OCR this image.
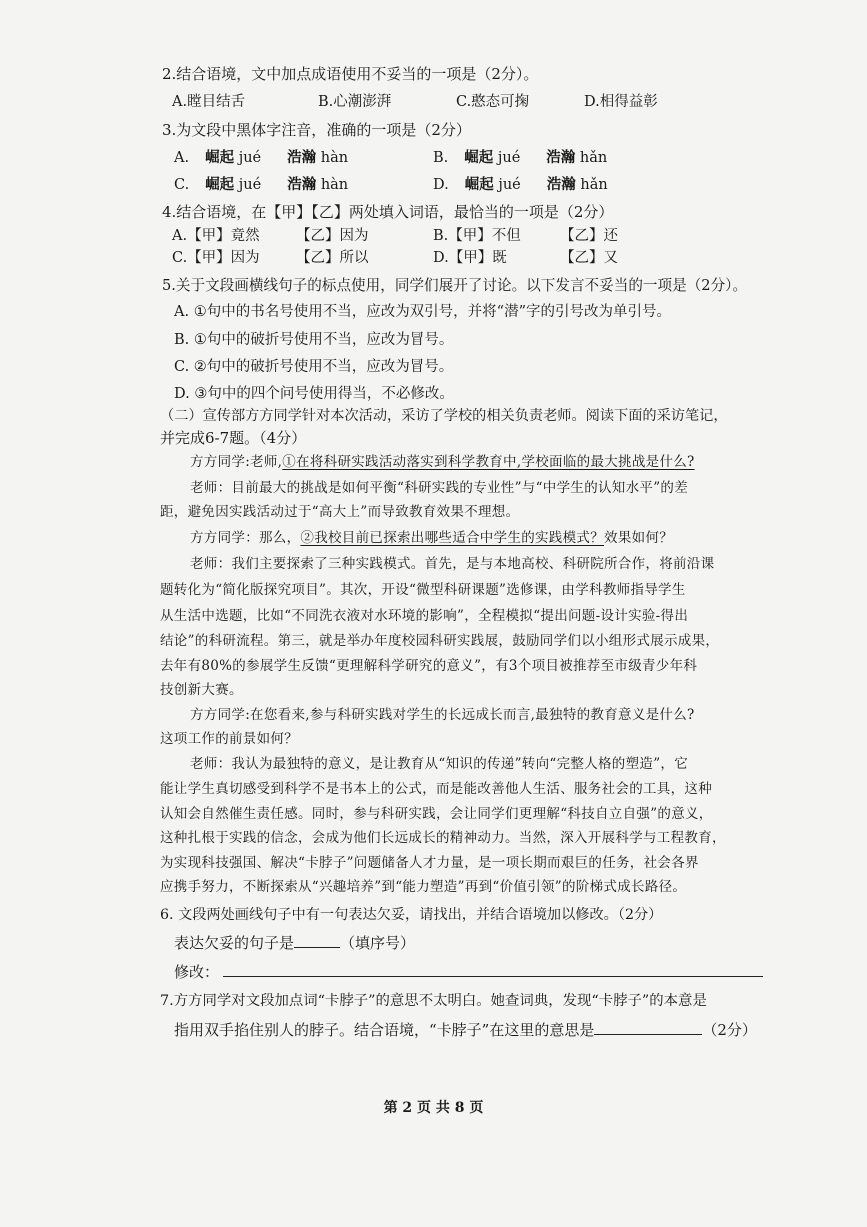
2.结合语境，文中加点成语使用不妥当的一项是（2分）。
A.瞠目结舌	B.心潮澎湃	C.憨态可掬	D.相得益彰
3.为文段中黑体字注音，准确的一项是（2分）
A. 崛起 jué 浩瀚 hàn	B. 崛起 jué 浩瀚 hǎn
C. 崛起 jué 浩瀚 hàn	D. 崛起 jué 浩瀚 hǎn
4.结合语境，在【甲】【乙】两处填入词语，最恰当的一项是（2分）
A.【甲】竟然	【乙】因为	B.【甲】不但	【乙】还
C.【甲】因为	【乙】所以	D.【甲】既	【乙】又
5.关于文段画横线句子的标点使用，同学们展开了讨论。以下发言不妥当的一项是（2分）。
A. ①句中的书名号使用不当，应改为双引号，并将“潜”字的引号改为单引号。
B. ①句中的破折号使用不当，应改为冒号。
C. ②句中的破折号使用不当，应改为冒号。
D. ③句中的四个问号使用得当，不必修改。
（二）宣传部方方同学针对本次活动，采访了学校的相关负责老师。阅读下面的采访笔记，
并完成6-7题。（4分）
方方同学:老师,①在将科研实践活动落实到科学教育中,学校面临的最大挑战是什么?
老师：目前最大的挑战是如何平衡“科研实践的专业性”与“中学生的认知水平”的差
距，避免因实践活动过于“高大上”而导致教育效果不理想。
方方同学：那么，②我校目前已探索出哪些适合中学生的实践模式？效果如何？
老师：我们主要探索了三种实践模式。首先，是与本地高校、科研院所合作，将前沿课
题转化为“简化版探究项目”。其次，开设“微型科研课题”选修课，由学科教师指导学生
从生活中选题，比如“不同洗衣液对水环境的影响”，全程模拟“提出问题-设计实验-得出
结论”的科研流程。第三，就是举办年度校园科研实践展，鼓励同学们以小组形式展示成果，
去年有80%的参展学生反馈“更理解科学研究的意义”，有3个项目被推荐至市级青少年科
技创新大赛。
方方同学:在您看来,参与科研实践对学生的长远成长而言,最独特的教育意义是什么?
这项工作的前景如何？
老师：我认为最独特的意义，是让教育从“知识的传递”转向“完整人格的塑造”，它
能让学生真切感受到科学不是书本上的公式，而是能改善他人生活、服务社会的工具，这种
认知会自然催生责任感。同时，参与科研实践，会让同学们更理解“科技自立自强”的意义，
这种扎根于实践的信念，会成为他们长远成长的精神动力。当然，深入开展科学与工程教育，
为实现科技强国、解决“卡脖子”问题储备人才力量，是一项长期而艰巨的任务，社会各界
应携手努力，不断探索从“兴趣培养”到“能力塑造”再到“价值引领”的阶梯式成长路径。
6. 文段两处画线句子中有一句表达欠妥，请找出，并结合语境加以修改。（2分）
表达欠妥的句子是	（填序号）
修改：
7.方方同学对文段加点词“卡脖子”的意思不太明白。她查词典，发现“卡脖子”的本意是
指用双手掐住别人的脖子。结合语境，“卡脖子”在这里的意思是	（2分）
第 2 页 共 8 页
